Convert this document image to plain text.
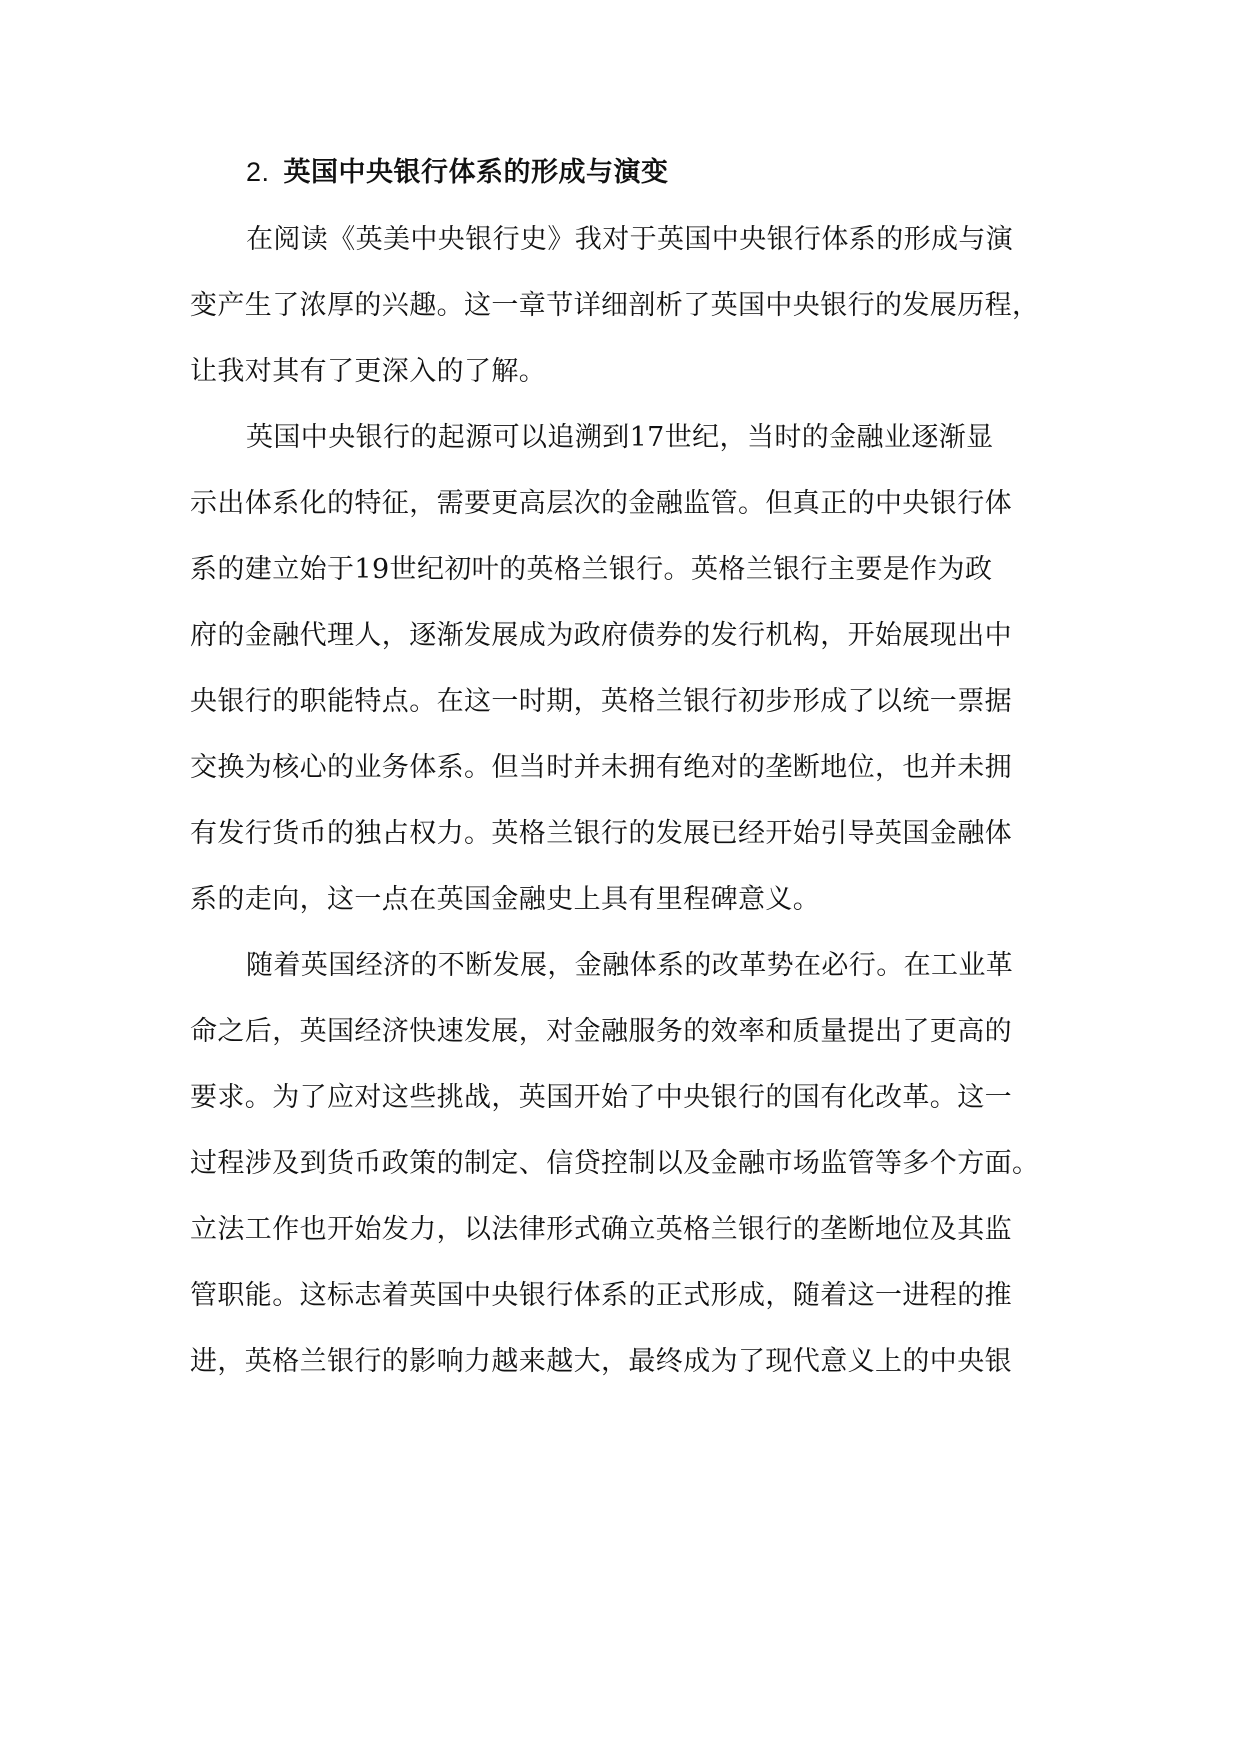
2. 英国中央银行体系的形成与演变
在阅读《英美中央银行史》我对于英国中央银行体系的形成与演
变产生了浓厚的兴趣。这一章节详细剖析了英国中央银行的发展历程，
让我对其有了更深入的了解。
英国中央银行的起源可以追溯到17世纪，当时的金融业逐渐显
示出体系化的特征，需要更高层次的金融监管。但真正的中央银行体
系的建立始于19世纪初叶的英格兰银行。英格兰银行主要是作为政
府的金融代理人，逐渐发展成为政府债券的发行机构，开始展现出中
央银行的职能特点。在这一时期，英格兰银行初步形成了以统一票据
交换为核心的业务体系。但当时并未拥有绝对的垄断地位，也并未拥
有发行货币的独占权力。英格兰银行的发展已经开始引导英国金融体
系的走向，这一点在英国金融史上具有里程碑意义。
随着英国经济的不断发展，金融体系的改革势在必行。在工业革
命之后，英国经济快速发展，对金融服务的效率和质量提出了更高的
要求。为了应对这些挑战，英国开始了中央银行的国有化改革。这一
过程涉及到货币政策的制定、信贷控制以及金融市场监管等多个方面。
立法工作也开始发力，以法律形式确立英格兰银行的垄断地位及其监
管职能。这标志着英国中央银行体系的正式形成，随着这一进程的推
进，英格兰银行的影响力越来越大，最终成为了现代意义上的中央银
